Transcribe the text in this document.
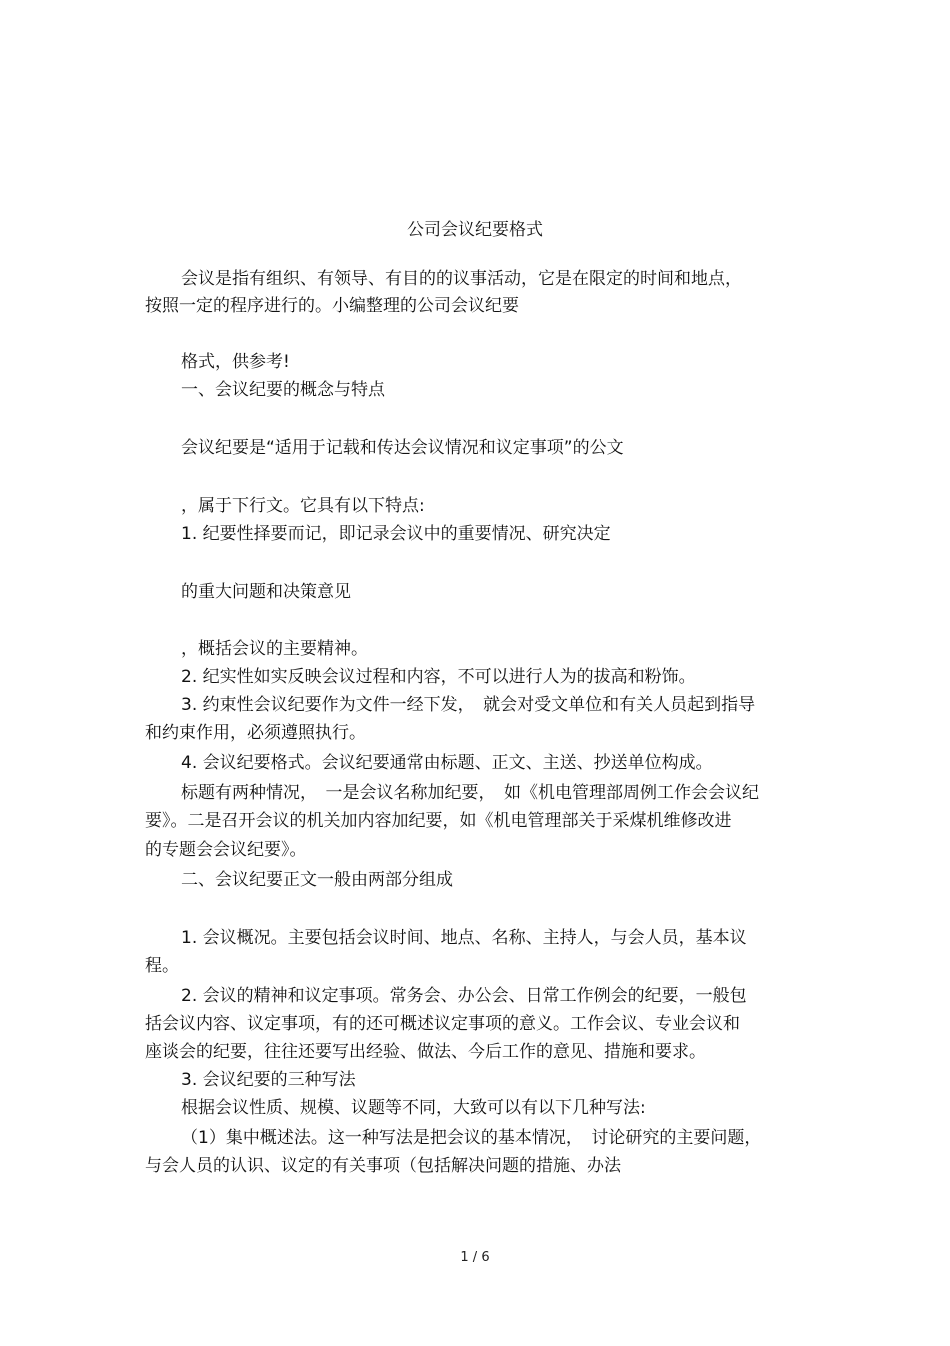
公司会议纪要格式
会议是指有组织、有领导、有目的的议事活动，它是在限定的时间和地点，
按照一定的程序进行的。小编整理的公司会议纪要
格式，供参考!
一、会议纪要的概念与特点
会议纪要是“适用于记载和传达会议情况和议定事项”的公文
，属于下行文。它具有以下特点:
1. 纪要性择要而记，即记录会议中的重要情况、研究决定
的重大问题和决策意见
，概括会议的主要精神。
2. 纪实性如实反映会议过程和内容，不可以进行人为的拔高和粉饰。
3. 约束性会议纪要作为文件一经下发，　就会对受文单位和有关人员起到指导
和约束作用，必须遵照执行。
4. 会议纪要格式。会议纪要通常由标题、正文、主送、抄送单位构成。
标题有两种情况，　一是会议名称加纪要，　如《机电管理部周例工作会会议纪
要》。二是召开会议的机关加内容加纪要，如《机电管理部关于采煤机维修改进
的专题会会议纪要》。
二、会议纪要正文一般由两部分组成
1. 会议概况。主要包括会议时间、地点、名称、主持人，与会人员，基本议
程。
2. 会议的精神和议定事项。常务会、办公会、日常工作例会的纪要，一般包
括会议内容、议定事项，有的还可概述议定事项的意义。工作会议、专业会议和
座谈会的纪要，往往还要写出经验、做法、今后工作的意见、措施和要求。
3. 会议纪要的三种写法
根据会议性质、规模、议题等不同，大致可以有以下几种写法:
（1）集中概述法。这一种写法是把会议的基本情况，　讨论研究的主要问题，
与会人员的认识、议定的有关事项（包括解决问题的措施、办法
1 / 6
